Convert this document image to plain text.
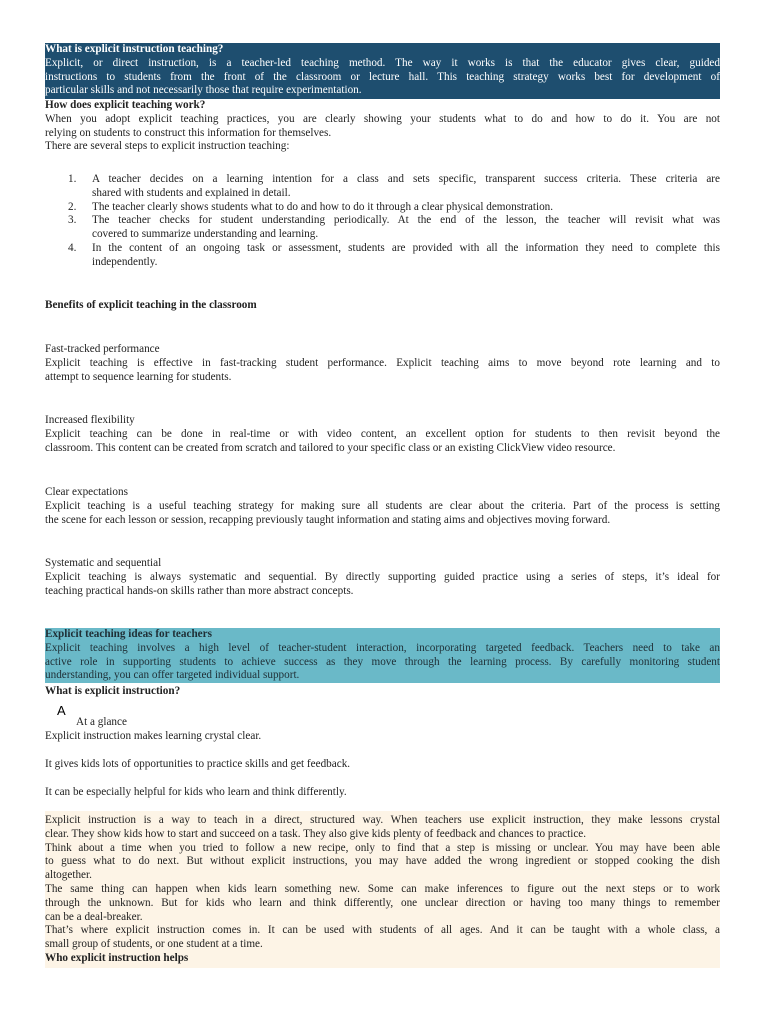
What is explicit instruction teaching?

Explicit, or direct instruction, is a teacher-led teaching method. The way it works is that the educator gives clear, guided

instructions to students from the front of the classroom or lecture hall. This teaching strategy works best for development of

particular skills and not necessarily those that require experimentation.

How does explicit teaching work?

When you adopt explicit teaching practices, you are clearly showing your students what to do and how to do it. You are not

relying on students to construct this information for themselves.

There are several steps to explicit instruction teaching:

1. A teacher decides on a learning intention for a class and sets specific, transparent success criteria. These criteria are

shared with students and explained in detail.

2. The teacher clearly shows students what to do and how to do it through a clear physical demonstration.

3. The teacher checks for student understanding periodically. At the end of the lesson, the teacher will revisit what was

covered to summarize understanding and learning.

4. In the content of an ongoing task or assessment, students are provided with all the information they need to complete this

independently.

Benefits of explicit teaching in the classroom

Fast-tracked performance

Explicit teaching is effective in fast-tracking student performance. Explicit teaching aims to move beyond rote learning and to

attempt to sequence learning for students.

Increased flexibility

Explicit teaching can be done in real-time or with video content, an excellent option for students to then revisit beyond the

classroom. This content can be created from scratch and tailored to your specific class or an existing ClickView video resource.

Clear expectations

Explicit teaching is a useful teaching strategy for making sure all students are clear about the criteria. Part of the process is setting

the scene for each lesson or session, recapping previously taught information and stating aims and objectives moving forward.

Systematic and sequential

Explicit teaching is always systematic and sequential. By directly supporting guided practice using a series of steps, it’s ideal for

teaching practical hands-on skills rather than more abstract concepts.

Explicit teaching ideas for teachers

Explicit teaching involves a high level of teacher-student interaction, incorporating targeted feedback. Teachers need to take an

active role in supporting students to achieve success as they move through the learning process. By carefully monitoring student

understanding, you can offer targeted individual support.

What is explicit instruction?

A

At a glance

Explicit instruction makes learning crystal clear.

It gives kids lots of opportunities to practice skills and get feedback.

It can be especially helpful for kids who learn and think differently.

Explicit instruction is a way to teach in a direct, structured way. When teachers use explicit instruction, they make lessons crystal

clear. They show kids how to start and succeed on a task. They also give kids plenty of feedback and chances to practice.

Think about a time when you tried to follow a new recipe, only to find that a step is missing or unclear. You may have been able

to guess what to do next. But without explicit instructions, you may have added the wrong ingredient or stopped cooking the dish

altogether.

The same thing can happen when kids learn something new. Some can make inferences to figure out the next steps or to work

through the unknown. But for kids who learn and think differently, one unclear direction or having too many things to remember

can be a deal-breaker.

That’s where explicit instruction comes in. It can be used with students of all ages. And it can be taught with a whole class, a

small group of students, or one student at a time.

Who explicit instruction helps
